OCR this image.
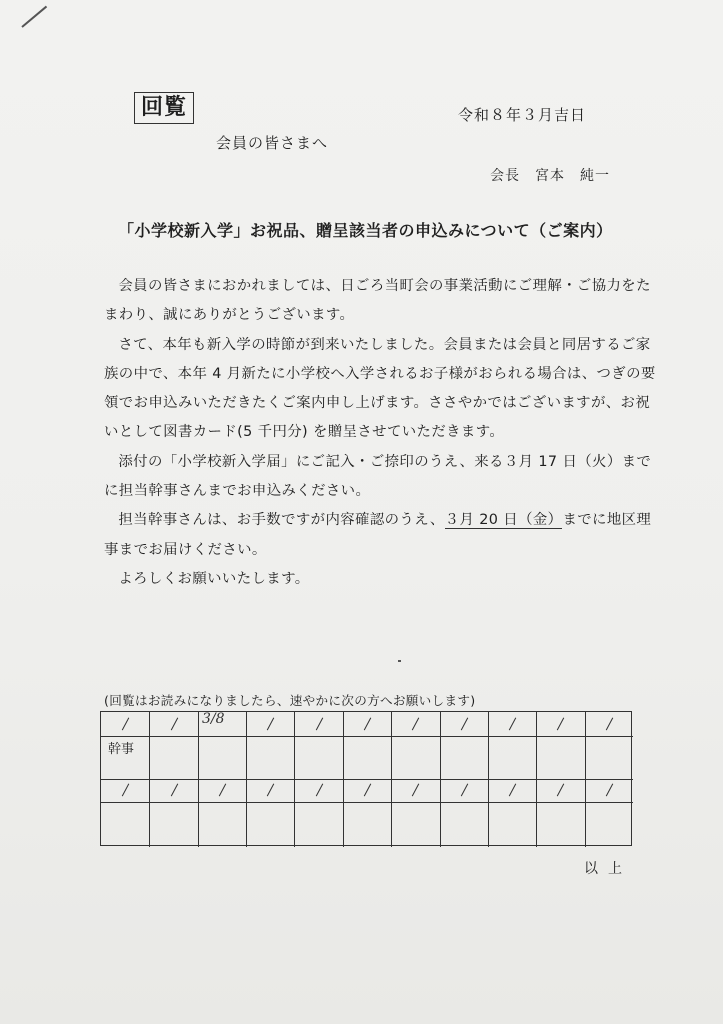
回覧	令和８年３月吉日
会員の皆さまへ
会長　宮本　純一
「小学校新入学」お祝品、贈呈該当者の申込みについて（ご案内）

会員の皆さまにおかれましては、日ごろ当町会の事業活動にご理解・ご協力をたまわり、誠にありがとうございます。

さて、本年も新入学の時節が到来いたしました。会員または会員と同居するご家族の中で、本年 4 月新たに小学校へ入学されるお子様がおられる場合は、つぎの要領でお申込みいただきたくご案内申し上げます。ささやかではございますが、お祝いとして図書カード(5 千円分) を贈呈させていただきます。

添付の「小学校新入学届」にご記入・ご捺印のうえ、来る３月 17 日（火）までに担当幹事さんまでお申込みください。

担当幹事さんは、お手数ですが内容確認のうえ、３月 20 日（金）までに地区理事までお届けください。

よろしくお願いいたします。

(回覧はお読みになりましたら、速やかに次の方へお願いします)
幹事
3/8
以上
